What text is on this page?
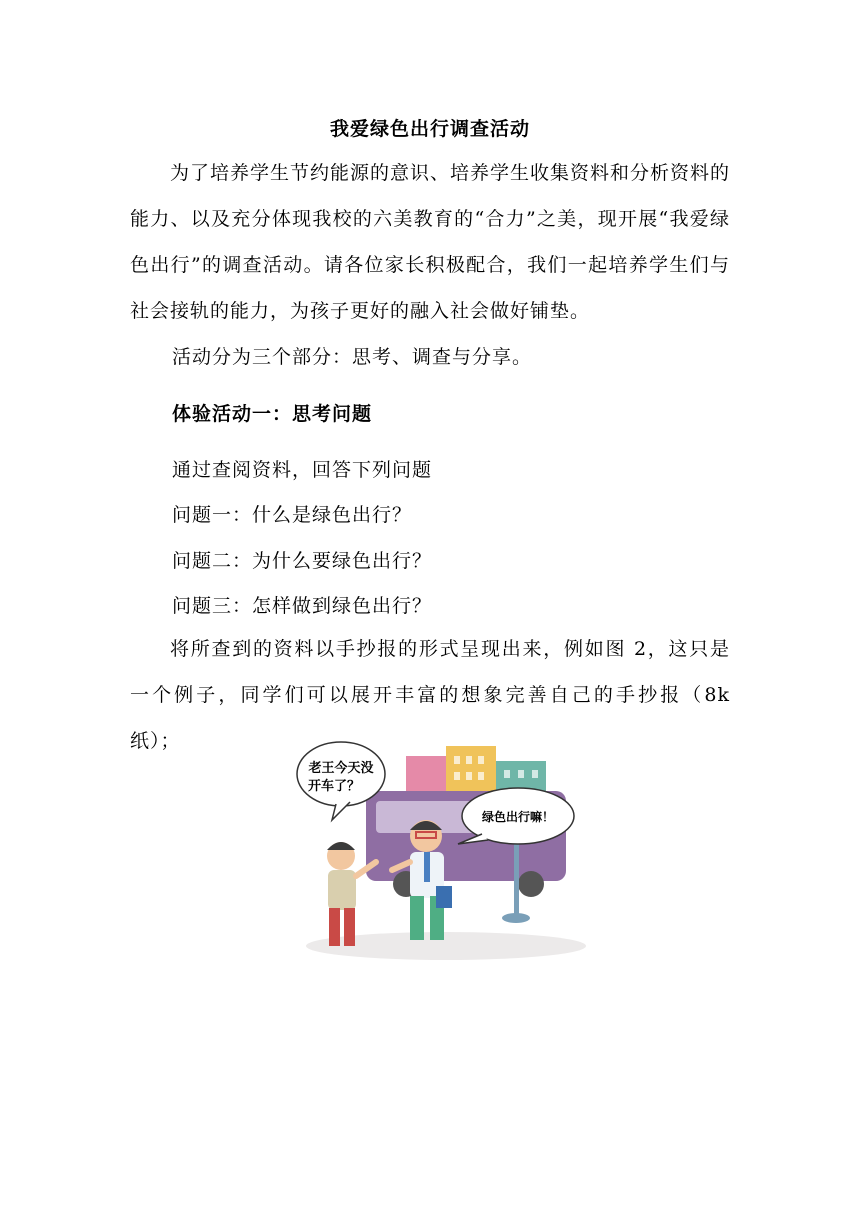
我爱绿色出行调查活动
为了培养学生节约能源的意识、培养学生收集资料和分析资料的能力、以及充分体现我校的六美教育的“合力”之美，现开展“我爱绿色出行”的调查活动。请各位家长积极配合，我们一起培养学生们与社会接轨的能力，为孩子更好的融入社会做好铺垫。
活动分为三个部分：思考、调查与分享。
体验活动一：思考问题
通过查阅资料，回答下列问题
问题一：什么是绿色出行？
问题二：为什么要绿色出行？
问题三：怎样做到绿色出行？
将所查到的资料以手抄报的形式呈现出来，例如图 2，这只是一个例子，同学们可以展开丰富的想象完善自己的手抄报（8k 纸）；
老王今天没
开车了？
绿色出行嘛！
